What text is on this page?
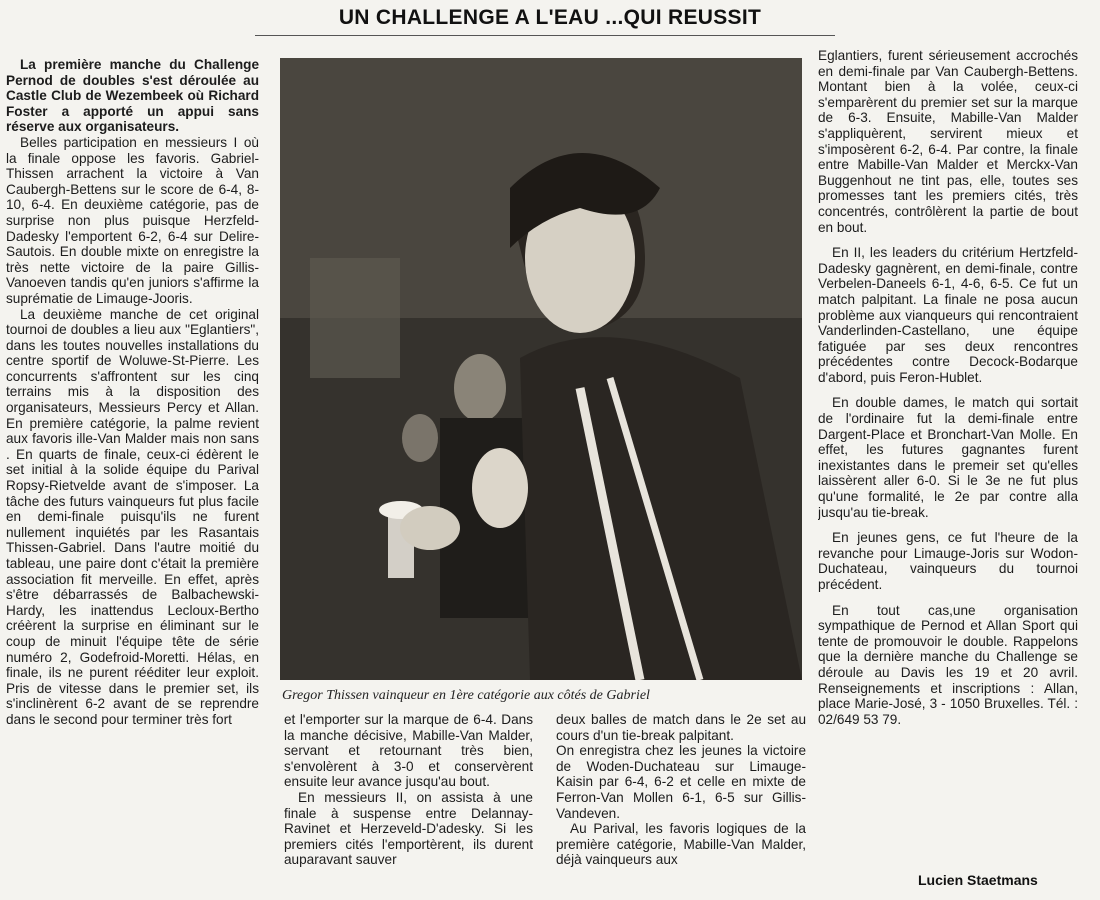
UN CHALLENGE A L'EAU ...QUI REUSSIT

La première manche du Challenge Pernod de doubles s'est déroulée au Castle Club de Wezembeek où Richard Foster a apporté un appui sans réserve aux organisateurs.

Belles participation en messieurs I où la finale oppose les favoris. Gabriel-Thissen arrachent la victoire à Van Caubergh-Bettens sur le score de 6-4, 8-10, 6-4. En deuxième catégorie, pas de surprise non plus puisque Herzfeld-Dadesky l'emportent 6-2, 6-4 sur Delire-Sautois. En double mixte on enregistre la très nette victoire de la paire Gillis-Vanoeven tandis qu'en juniors s'affirme la suprématie de Limauge-Jooris.

La deuxième manche de cet original tournoi de doubles a lieu aux "Eglantiers", dans les toutes nouvelles installations du centre sportif de Woluwe-St-Pierre. Les concurrents s'affrontent sur les cinq terrains mis à la disposition des organisateurs, Messieurs Percy et Allan. En première catégorie, la palme revient aux favoris ille-Van Malder mais non sans . En quarts de finale, ceux-ci édèrent le set initial à la solide équipe du Parival Ropsy-Rietvelde avant de s'imposer. La tâche des futurs vainqueurs fut plus facile en demi-finale puisqu'ils ne furent nullement inquiétés par les Rasantais Thissen-Gabriel. Dans l'autre moitié du tableau, une paire dont c'était la première association fit merveille. En effet, après s'être débarrassés de Balbachewski-Hardy, les inattendus Lecloux-Bertho créèrent la surprise en éliminant sur le coup de minuit l'équipe tête de série numéro 2, Godefroid-Moretti. Hélas, en finale, ils ne purent rééditer leur exploit. Pris de vitesse dans le premier set, ils s'inclinèrent 6-2 avant de se reprendre dans le second pour terminer très fort

Gregor Thissen vainqueur en 1ère catégorie aux côtés de Gabriel

et l'emporter sur la marque de 6-4. Dans la manche décisive, Mabille-Van Malder, servant et retournant très bien, s'envolèrent à 3-0 et conservèrent ensuite leur avance jusqu'au bout.

En messieurs II, on assista à une finale à suspense entre Delannay-Ravinet et Herzeveld-D'adesky. Si les premiers cités l'emportèrent, ils durent auparavant sauver

deux balles de match dans le 2e set au cours d'un tie-break palpitant.

On enregistra chez les jeunes la victoire de Woden-Duchateau sur Limauge-Kaisin par 6-4, 6-2 et celle en mixte de Ferron-Van Mollen 6-1, 6-5 sur Gillis-Vandeven.

Au Parival, les favoris logiques de la première catégorie, Mabille-Van Malder, déjà vainqueurs aux

Eglantiers, furent sérieusement accrochés en demi-finale par Van Caubergh-Bettens. Montant bien à la volée, ceux-ci s'emparèrent du premier set sur la marque de 6-3. Ensuite, Mabille-Van Malder s'appliquèrent, servirent mieux et s'imposèrent 6-2, 6-4. Par contre, la finale entre Mabille-Van Malder et Merckx-Van Buggenhout ne tint pas, elle, toutes ses promesses tant les premiers cités, très concentrés, contrôlèrent la partie de bout en bout.

En II, les leaders du critérium Hertzfeld-Dadesky gagnèrent, en demi-finale, contre Verbelen-Daneels 6-1, 4-6, 6-5. Ce fut un match palpitant. La finale ne posa aucun problème aux vianqueurs qui rencontraient Vanderlinden-Castellano, une équipe fatiguée par ses deux rencontres précédentes contre Decock-Bodarque d'abord, puis Feron-Hublet.

En double dames, le match qui sortait de l'ordinaire fut la demi-finale entre Dargent-Place et Bronchart-Van Molle. En effet, les futures gagnantes furent inexistantes dans le premeir set qu'elles laissèrent aller 6-0. Si le 3e ne fut plus qu'une formalité, le 2e par contre alla jusqu'au tie-break.

En jeunes gens, ce fut l'heure de la revanche pour Limauge-Joris sur Wodon-Duchateau, vainqueurs du tournoi précédent.

En tout cas,une organisation sympathique de Pernod et Allan Sport qui tente de promouvoir le double. Rappelons que la dernière manche du Challenge se déroule au Davis les 19 et 20 avril. Renseignements et inscriptions : Allan, place Marie-José, 3 - 1050 Bruxelles. Tél. : 02/649 53 79.

Lucien Staetmans
